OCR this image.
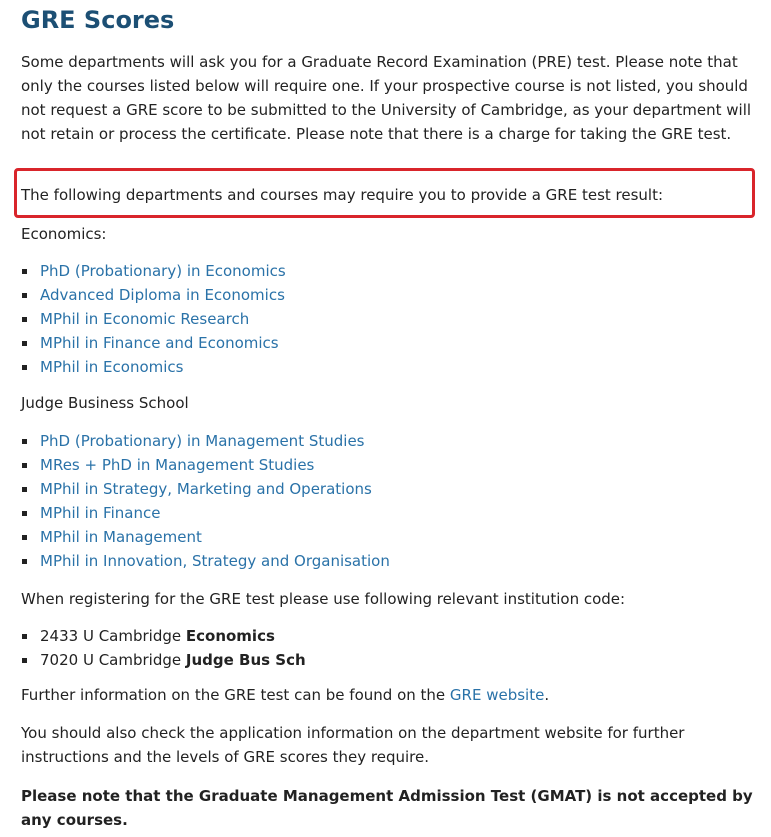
GRE Scores

Some departments will ask you for a Graduate Record Examination (PRE) test. Please note that only the courses listed below will require one. If your prospective course is not listed, you should not request a GRE score to be submitted to the University of Cambridge, as your department will not retain or process the certificate. Please note that there is a charge for taking the GRE test.

The following departments and courses may require you to provide a GRE test result:

Economics:

PhD (Probationary) in Economics
Advanced Diploma in Economics
MPhil in Economic Research
MPhil in Finance and Economics
MPhil in Economics

Judge Business School

PhD (Probationary) in Management Studies
MRes + PhD in Management Studies
MPhil in Strategy, Marketing and Operations
MPhil in Finance
MPhil in Management
MPhil in Innovation, Strategy and Organisation

When registering for the GRE test please use following relevant institution code:

2433 U Cambridge Economics
7020 U Cambridge Judge Bus Sch

Further information on the GRE test can be found on the GRE website.

You should also check the application information on the department website for further instructions and the levels of GRE scores they require.

Please note that the Graduate Management Admission Test (GMAT) is not accepted by any courses.
